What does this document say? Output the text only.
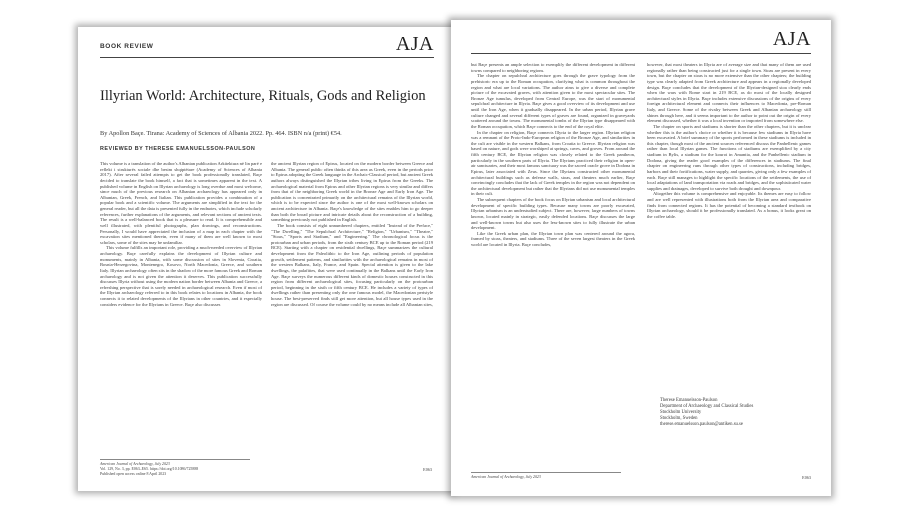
BOOK REVIEW	AJA
Illyrian World: Architecture, Rituals, Gods and Religion
By Apollon Baçe. Tirana: Academy of Sciences of Albania 2022. Pp. 464. ISBN n/a (print) €54.
REVIEWED BY THERESE EMANUELSSON-PAULSON

This volume is a translation of the author's Albanian publication Arkitektura në lin parë e reflekt i strukturës sociale dhe besim shqiptëtare (Academy of Sciences of Albania 2017). After several failed attempts to get the book professionally translated, Baçe decided to translate the book himself, a fact that is sometimes apparent in the text. A published volume in English on Illyrian archaeology is long overdue and most welcome, since much of the previous research on Albanian archaeology has appeared only in Albanian, Greek, French, and Italian. This publication provides a combination of a popular book and a scientific volume. The arguments are simplified in the text for the general reader, but all the data is presented fully in the endnotes, which include scholarly references, further explanations of the arguments, and relevant sections of ancient texts. The result is a well-balanced book that is a pleasure to read. It is comprehensible and well illustrated, with plentiful photographs, plan drawings, and reconstructions. Personally, I would have appreciated the inclusion of a map in each chapter with the excavation sites mentioned therein, even if many of them are well known to most scholars, some of the sites may be unfamiliar.

This volume fulfills an important role, providing a much-needed overview of Illyrian archaeology. Baçe carefully explains the development of Illyrian culture and monuments, mainly in Albania, with some discussion of sites in Slovenia, Croatia, Bosnia-Herzegovina, Montenegro, Kosovo, North Macedonia, Greece, and southern Italy. Illyrian archaeology often sits in the shadow of the more famous Greek and Roman archaeology and is not given the attention it deserves. This publication successfully discusses Illyria without using the modern nation border between Albania and Greece, a refreshing perspective that is sorely needed in archaeological research. Even if most of the Illyrian archaeology referred to in this book relates to locations in Albania, the book connects it to related developments of the Illyrians in other countries, and it especially considers evidence for the Illyrians in Greece. Baçe also discusses

the ancient Illyrian region of Epirus, located on the modern border between Greece and Albania. The general public often thinks of this area as Greek, even in the periods prior to Epirus adopting the Greek language in the Archaic-Classical period, but ancient Greek authors always distinguished the Illyrian tribes living in Epirus from the Greeks. The archaeological material from Epirus and other Illyrian regions is very similar and differs from that of the neighboring Greek world in the Bronze Age and Early Iron Age. The publication is concentrated primarily on the architectural remains of the Illyrian world, which is to be expected since the author is one of the most well-known scholars on ancient architecture in Albania. Baçe's knowledge of the sites enables him to go deeper than both the broad picture and intricate details about the reconstruction of a building, something previously not published in English.

The book consists of eight unnumbered chapters, entitled "Instead of the Preface," "The Dwelling," "The Sepulchral Architecture," "Religion," "Urbanism," "Theatre," "Stoas," "Sports and Stadium," and "Engineering." The chronological focus is the protourban and urban periods, from the sixth century BCE up to the Roman period (219 BCE). Starting with a chapter on residential dwellings, Baçe summarizes the cultural development from the Paleolithic to the Iron Age, outlining periods of population growth, settlement patterns, and similarities with the archaeological remains in most of the western Balkans, Italy, France, and Spain. Special attention is given to the lake dwellings, the palafittes, that were used continually in the Balkans until the Early Iron Age. Baçe surveys the numerous different kinds of domestic houses constructed in this region from different archaeological sites, focusing particularly on the protourban period, beginning in the sixth or fifth century BCE. He includes a variety of types of dwellings rather than presenting only the one famous model, the Macedonian peristyle house. The best-preserved finds still get more attention, but all house types used in the region are discussed. Of course the volume could by no means include all Albanian sites,

American Journal of Archaeology, July 2023
Vol. 129, No. 3, pp. E063–E65. https://doi.org/10.1086/725888
Published open access online 8 April 2023
E063
AJA

but Baçe presents an ample selection to exemplify the different development in different towns compared to neighboring regions.

The chapter on sepulchral architecture goes through the grave typology from the prehistoric era up to the Roman occupation, clarifying what is common throughout the region and what are local variations. The author aims to give a diverse and complete picture of the excavated graves, with attention given to the most spectacular sites. The Bronze Age tumulus, developed from Central Europe, was the start of monumental sepulchral architecture in Illyria. Baçe gives a good overview of its development and use until the Iron Age, when it gradually disappeared. In the urban period, Illyrian grave culture changed and several different types of graves are found, organized in graveyards scattered around the towns. The monumental tombs of the Illyrian type disappeared with the Roman occupation, which Baçe connects to the end of the royal elite.

In the chapter on religion, Baçe connects Illyria to the larger region. Illyrian religion was a remnant of the Proto-Indo-European religion of the Bronze Age, and similarities in the cult are visible in the western Balkans, from Croatia to Greece. Illyrian religion was based on nature, and gods were worshiped at springs, caves, and groves. From around the fifth century BCE, the Illyrian religion was closely related to the Greek pantheon, particularly in the southern parts of Illyria. The Illyrians practiced their religion in open-air sanctuaries, and their most famous sanctuary was the sacred oracle grove in Dodona in Epirus, later associated with Zeus. Since the Illyrians constructed other monumental architectural buildings such as defense walls, stoas, and theaters much earlier, Baçe convincingly concludes that the lack of Greek temples in the region was not dependent on the architectural development but rather that the Illyrians did not use monumental temples in their cult.

The subsequent chapters of the book focus on Illyrian urbanism and local architectural development of specific building types. Because many towns are poorly excavated, Illyrian urbanism is an understudied subject. There are, however, large numbers of towns known, located mainly in strategic, easily defended locations. Baçe discusses the large and well-known towns but also uses the less-known sites to fully illustrate the urban development.

Like the Greek urban plan, the Illyrian town plan was centered around the agora, framed by stoas, theaters, and stadiums. Three of the seven largest theaters in the Greek world are located in Illyria. Baçe concludes,

however, that most theaters in Illyria are of average size and that many of them are used regionally rather than being constructed just for a single town. Stoas are present in every town, but the chapter on stoas is no more extensive than the other chapters; the building type was clearly adapted from Greek architecture and appears in a regionally developed design. Baçe concludes that the development of the Illyrian-designed stoa clearly ends when the wars with Rome start in 219 BCE, as do most of the locally designed architectural styles in Illyria. Baçe includes extensive discussions of the origins of every foreign architectural element and connects their influences to Macedonia, pre-Roman Italy, and Greece. Some of the rivalry between Greek and Albanian archaeology still shines through here, and it seems important to the author to point out the origin of every element discussed, whether it was a local invention or imported from somewhere else.

The chapter on sports and stadiums is shorter than the other chapters, but it is unclear whether this is the author's choice or whether it is because few stadiums in Illyria have been excavated. A brief summary of the sports performed in these stadiums is included in this chapter, though most of the ancient sources referenced discuss the Panhellenic games rather than local Illyrian games. The functions of stadiums are exemplified by a city stadium in Bylis, a stadium for the kouroi in Amantia, and the Panhellenic stadium in Dodona, giving the reader good examples of the differences in stadiums. The final chapter on engineering runs through other types of constructions, including bridges, harbors and their fortifications, water supply, and quarries, giving only a few examples of each. Baçe still manages to highlight the specific locations of the settlements, the use of local adaptations of land transportation via roads and bridges, and the sophisticated water supplies and drainages, developed to survive both drought and downpour.

Altogether this volume is comprehensive and enjoyable. Its themes are easy to follow and are well represented with illustrations both from the Illyrian area and comparative finds from connected regions. It has the potential of becoming a standard textbook on Illyrian archaeology, should it be professionally translated. As a bonus, it looks great on the coffee table.

Therese Emanuelsson-Paulson
Department of Archaeology and Classical Studies
Stockholm University
Stockholm, Sweden
therese.emanuelsson.paulson@antiken.su.se
American Journal of Archaeology, July 2023	E063
